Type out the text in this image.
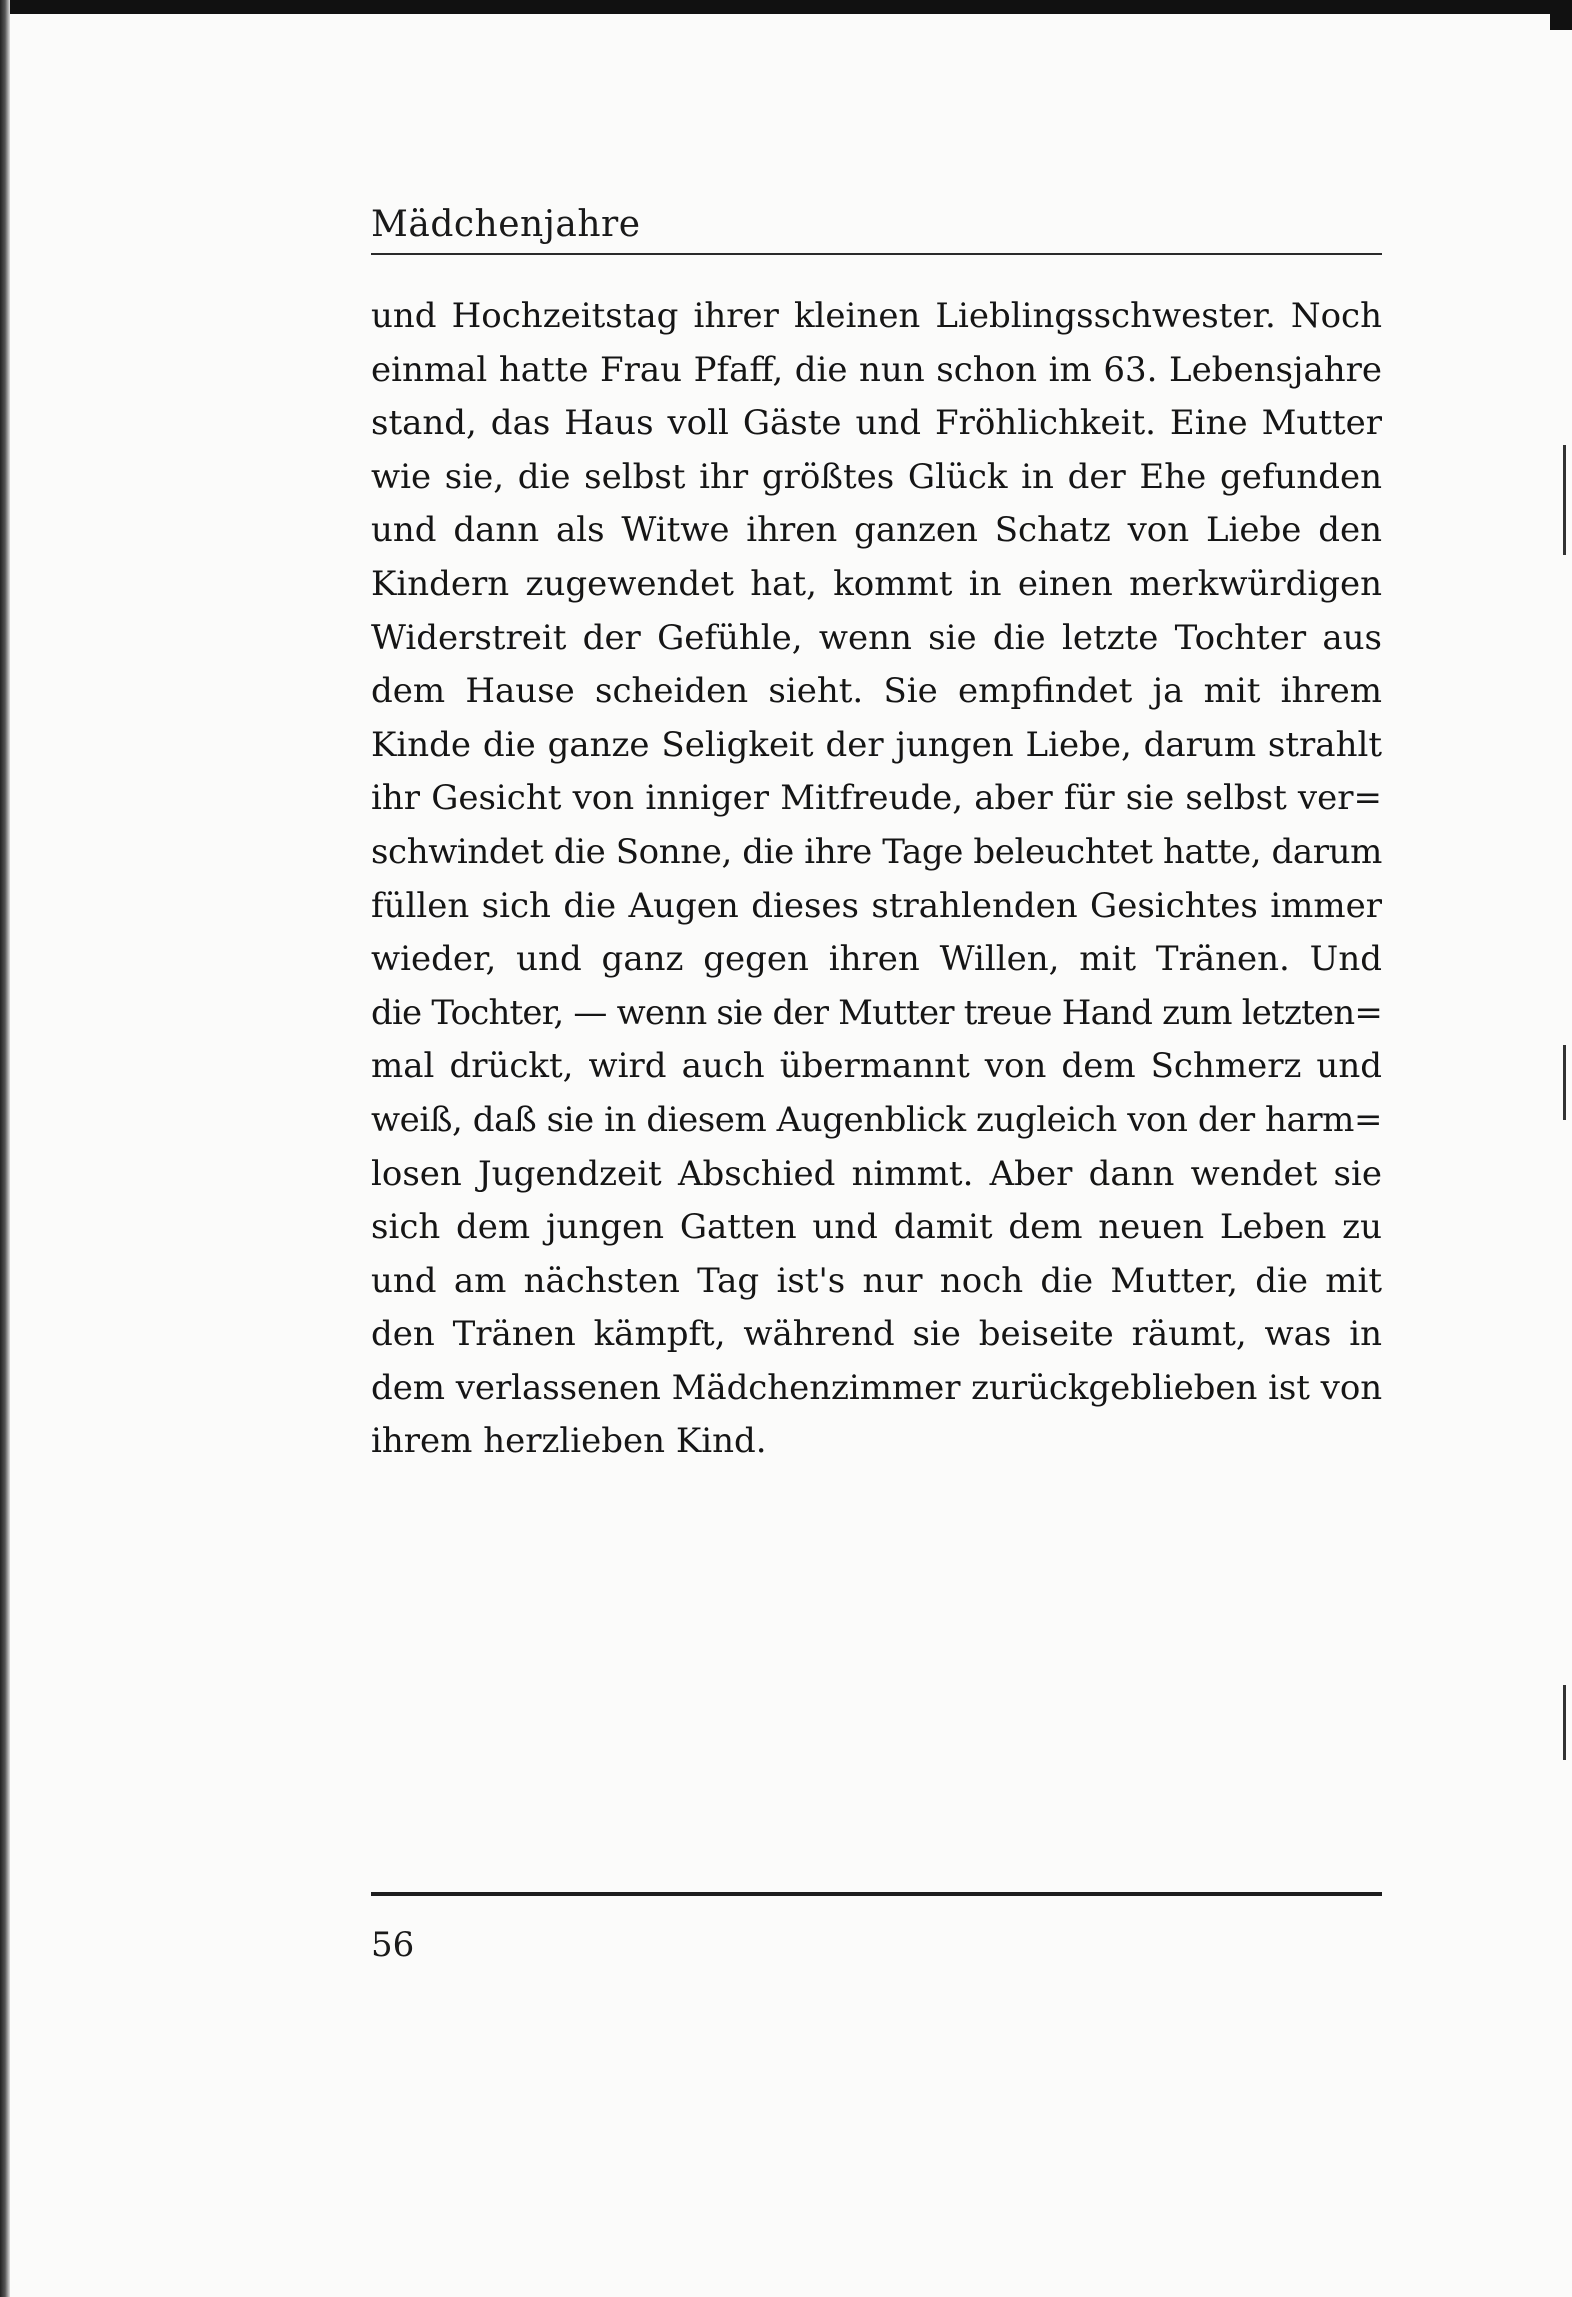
Mädchenjahre
und Hochzeitstag ihrer kleinen Lieblingsschwester. Noch
einmal hatte Frau Pfaff, die nun schon im 63. Lebensjahre
stand, das Haus voll Gäste und Fröhlichkeit. Eine Mutter
wie sie, die selbst ihr größtes Glück in der Ehe gefunden
und dann als Witwe ihren ganzen Schatz von Liebe den
Kindern zugewendet hat, kommt in einen merkwürdigen
Widerstreit der Gefühle, wenn sie die letzte Tochter aus
dem Hause scheiden sieht. Sie empfindet ja mit ihrem
Kinde die ganze Seligkeit der jungen Liebe, darum strahlt
ihr Gesicht von inniger Mitfreude, aber für sie selbst ver=
schwindet die Sonne, die ihre Tage beleuchtet hatte, darum
füllen sich die Augen dieses strahlenden Gesichtes immer
wieder, und ganz gegen ihren Willen, mit Tränen. Und
die Tochter, — wenn sie der Mutter treue Hand zum letzten=
mal drückt, wird auch übermannt von dem Schmerz und
weiß, daß sie in diesem Augenblick zugleich von der harm=
losen Jugendzeit Abschied nimmt. Aber dann wendet sie
sich dem jungen Gatten und damit dem neuen Leben zu
und am nächsten Tag ist's nur noch die Mutter, die mit
den Tränen kämpft, während sie beiseite räumt, was in
dem verlassenen Mädchenzimmer zurückgeblieben ist von
ihrem herzlieben Kind.
56
